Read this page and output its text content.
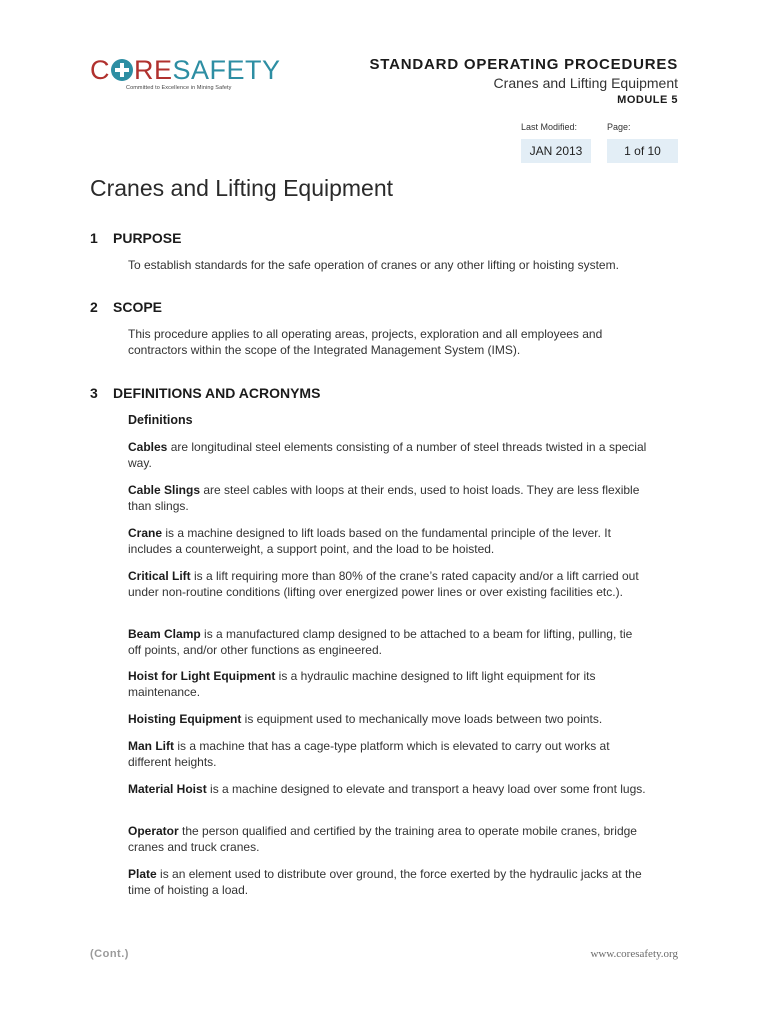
C RESAFETY
Committed to Excellence in Mining Safety
STANDARD OPERATING PROCEDURES
Cranes and Lifting Equipment
MODULE 5
Last Modified:	Page:
JAN 2013	1 of 10
Cranes and Lifting Equipment
1 PURPOSE
To establish standards for the safe operation of cranes or any other lifting or hoisting system.
2 SCOPE
This procedure applies to all operating areas, projects, exploration and all employees and contractors within the scope of the Integrated Management System (IMS).
3 DEFINITIONS AND ACRONYMS
Definitions
Cables are longitudinal steel elements consisting of a number of steel threads twisted in a special way.
Cable Slings are steel cables with loops at their ends, used to hoist loads. They are less flexible than slings.
Crane is a machine designed to lift loads based on the fundamental principle of the lever. It includes a counterweight, a support point, and the load to be hoisted.
Critical Lift is a lift requiring more than 80% of the crane’s rated capacity and/or a lift carried out under non-routine conditions (lifting over energized power lines or over existing facilities etc.).
Beam Clamp is a manufactured clamp designed to be attached to a beam for lifting, pulling, tie off points, and/or other functions as engineered.
Hoist for Light Equipment is a hydraulic machine designed to lift light equipment for its maintenance.
Hoisting Equipment is equipment used to mechanically move loads between two points.
Man Lift is a machine that has a cage-type platform which is elevated to carry out works at different heights.
Material Hoist is a machine designed to elevate and transport a heavy load over some front lugs.
Operator the person qualified and certified by the training area to operate mobile cranes, bridge cranes and truck cranes.
Plate is an element used to distribute over ground, the force exerted by the hydraulic jacks at the time of hoisting a load.
(Cont.)	www.coresafety.org
